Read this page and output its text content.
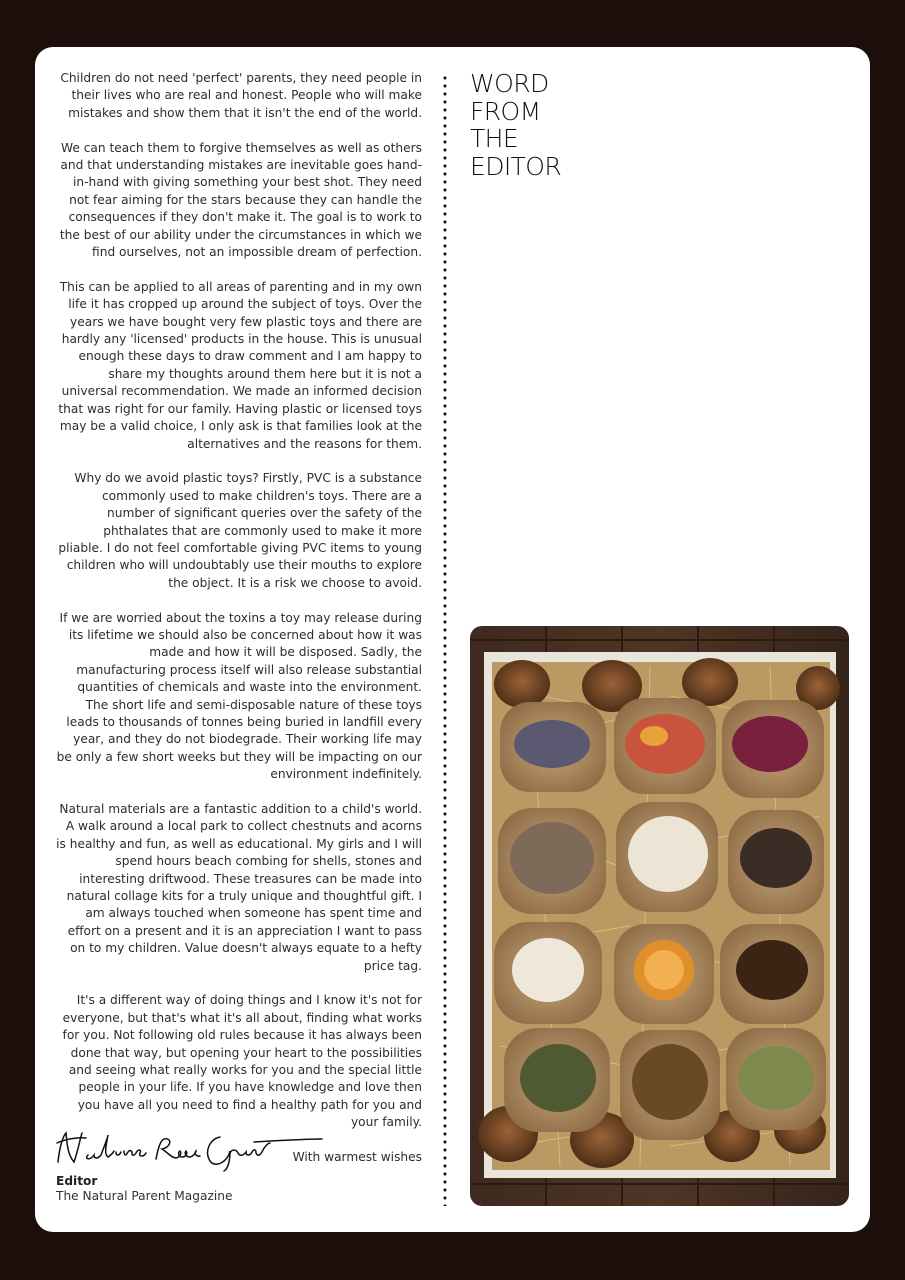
Children do not need 'perfect' parents, they need people in their lives who are real and honest. People who will make mistakes and show them that it isn't the end of the world.

We can teach them to forgive themselves as well as others and that understanding mistakes are inevitable goes hand-in-hand with giving something your best shot. They need not fear aiming for the stars because they can handle the consequences if they don't make it. The goal is to work to the best of our ability under the circumstances in which we find ourselves, not an impossible dream of perfection.

This can be applied to all areas of parenting and in my own life it has cropped up around the subject of toys. Over the years we have bought very few plastic toys and there are hardly any 'licensed' products in the house. This is unusual enough these days to draw comment and I am happy to share my thoughts around them here but it is not a universal recommendation. We made an informed decision that was right for our family. Having plastic or licensed toys may be a valid choice, I only ask is that families look at the alternatives and the reasons for them.

Why do we avoid plastic toys? Firstly, PVC is a substance commonly used to make children's toys. There are a number of significant queries over the safety of the phthalates that are commonly used to make it more pliable. I do not feel comfortable giving PVC items to young children who will undoubtably use their mouths to explore the object. It is a risk we choose to avoid.

If we are worried about the toxins a toy may release during its lifetime we should also be concerned about how it was made and how it will be disposed. Sadly, the manufacturing process itself will also release substantial quantities of chemicals and waste into the environment. The short life and semi-disposable nature of these toys leads to thousands of tonnes being buried in landfill every year, and they do not biodegrade. Their working life may be only a few short weeks but they will be impacting on our environment indefinitely.

Natural materials are a fantastic addition to a child's world. A walk around a local park to collect chestnuts and acorns is healthy and fun, as well as educational. My girls and I will spend hours beach combing for shells, stones and interesting driftwood. These treasures can be made into natural collage kits for a truly unique and thoughtful gift. I am always touched when someone has spent time and effort on a present and it is an appreciation I want to pass on to my children. Value doesn't always equate to a hefty price tag.

It's a different way of doing things and I know it's not for everyone, but that's what it's all about, finding what works for you. Not following old rules because it has always been done that way, but opening your heart to the possibilities and seeing what really works for you and the special little people in your life. If you have knowledge and love then you have all you need to find a healthy path for you and your family.

With warmest wishes

Editor
The Natural Parent Magazine
WORD
FROM
THE
EDITOR
